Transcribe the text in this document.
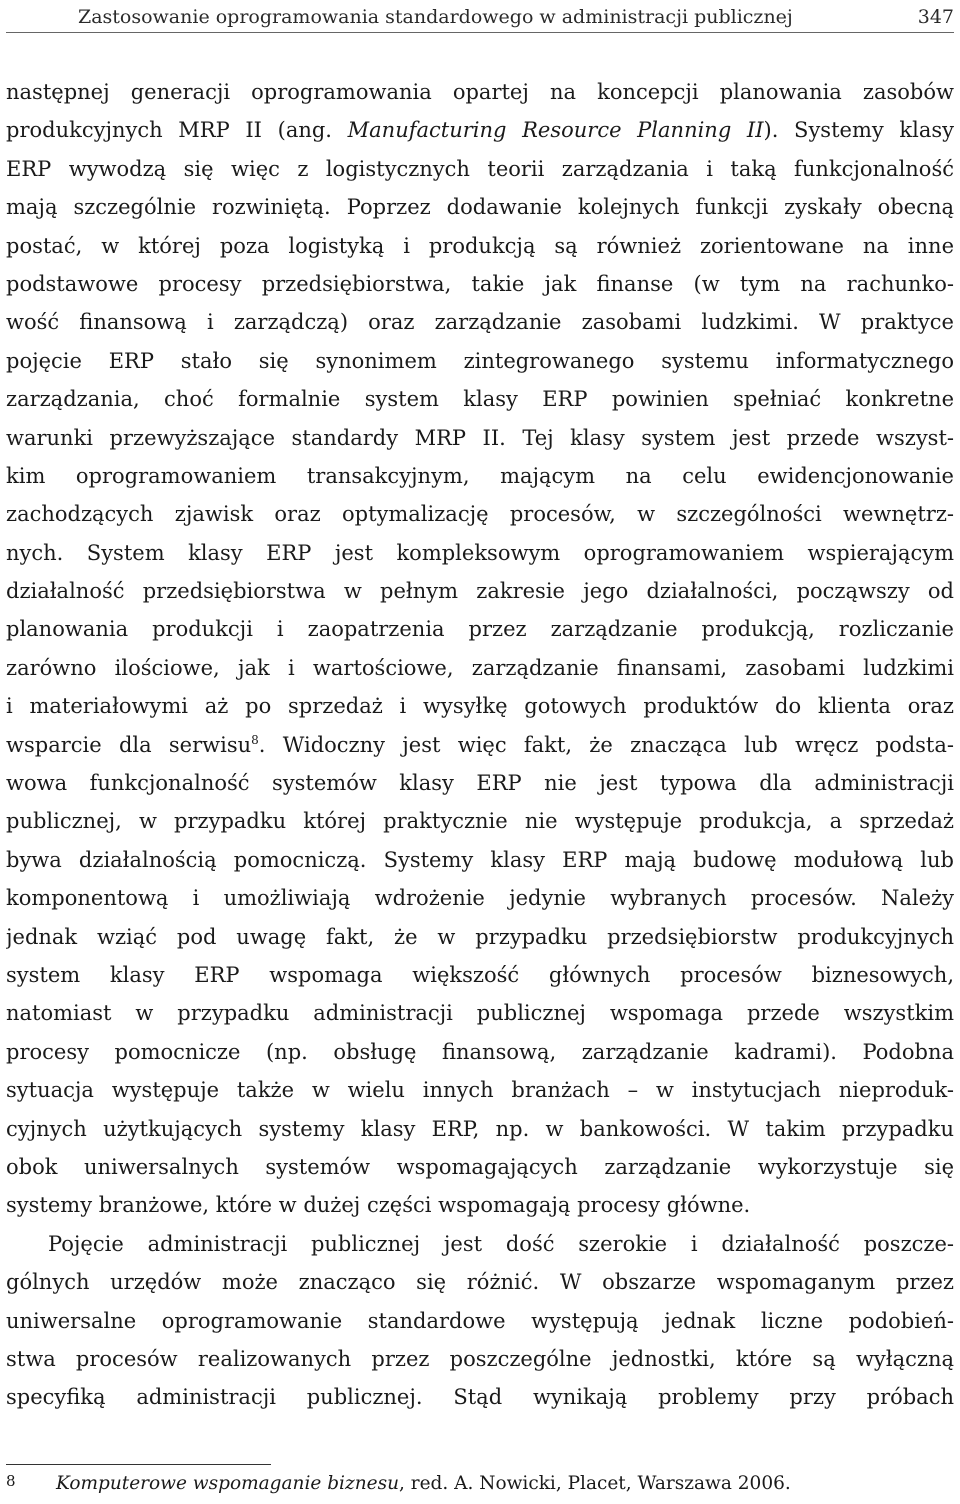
Zastosowanie oprogramowania standardowego w administracji publicznej	347
następnej generacji oprogramowania opartej na koncepcji planowania zasobów
produkcyjnych MRP II (ang. Manufacturing Resource Planning II). Systemy klasy
ERP wywodzą się więc z logistycznych teorii zarządzania i taką funkcjonalność
mają szczególnie rozwiniętą. Poprzez dodawanie kolejnych funkcji zyskały obecną
postać, w której poza logistyką i produkcją są również zorientowane na inne
podstawowe procesy przedsiębiorstwa, takie jak finanse (w tym na rachunko-
wość finansową i zarządczą) oraz zarządzanie zasobami ludzkimi. W praktyce
pojęcie ERP stało się synonimem zintegrowanego systemu informatycznego
zarządzania, choć formalnie system klasy ERP powinien spełniać konkretne
warunki przewyższające standardy MRP II. Tej klasy system jest przede wszyst-
kim oprogramowaniem transakcyjnym, mającym na celu ewidencjonowanie
zachodzących zjawisk oraz optymalizację procesów, w szczególności wewnętrz-
nych. System klasy ERP jest kompleksowym oprogramowaniem wspierającym
działalność przedsiębiorstwa w pełnym zakresie jego działalności, począwszy od
planowania produkcji i zaopatrzenia przez zarządzanie produkcją, rozliczanie
zarówno ilościowe, jak i wartościowe, zarządzanie finansami, zasobami ludzkimi
i materiałowymi aż po sprzedaż i wysyłkę gotowych produktów do klienta oraz
wsparcie dla serwisu$^8$. Widoczny jest więc fakt, że znacząca lub wręcz podsta-
wowa funkcjonalność systemów klasy ERP nie jest typowa dla administracji
publicznej, w przypadku której praktycznie nie występuje produkcja, a sprzedaż
bywa działalnością pomocniczą. Systemy klasy ERP mają budowę modułową lub
komponentową i umożliwiają wdrożenie jedynie wybranych procesów. Należy
jednak wziąć pod uwagę fakt, że w przypadku przedsiębiorstw produkcyjnych
system klasy ERP wspomaga większość głównych procesów biznesowych,
natomiast w przypadku administracji publicznej wspomaga przede wszystkim
procesy pomocnicze (np. obsługę finansową, zarządzanie kadrami). Podobna
sytuacja występuje także w wielu innych branżach – w instytucjach nieproduk-
cyjnych użytkujących systemy klasy ERP, np. w bankowości. W takim przypadku
obok uniwersalnych systemów wspomagających zarządzanie wykorzystuje się
systemy branżowe, które w dużej części wspomagają procesy główne.
Pojęcie administracji publicznej jest dość szerokie i działalność poszcze-
gólnych urzędów może znacząco się różnić. W obszarze wspomaganym przez
uniwersalne oprogramowanie standardowe występują jednak liczne podobień-
stwa procesów realizowanych przez poszczególne jednostki, które są wyłączną
specyfiką administracji publicznej. Stąd wynikają problemy przy próbach
8 Komputerowe wspomaganie biznesu, red. A. Nowicki, Placet, Warszawa 2006.
